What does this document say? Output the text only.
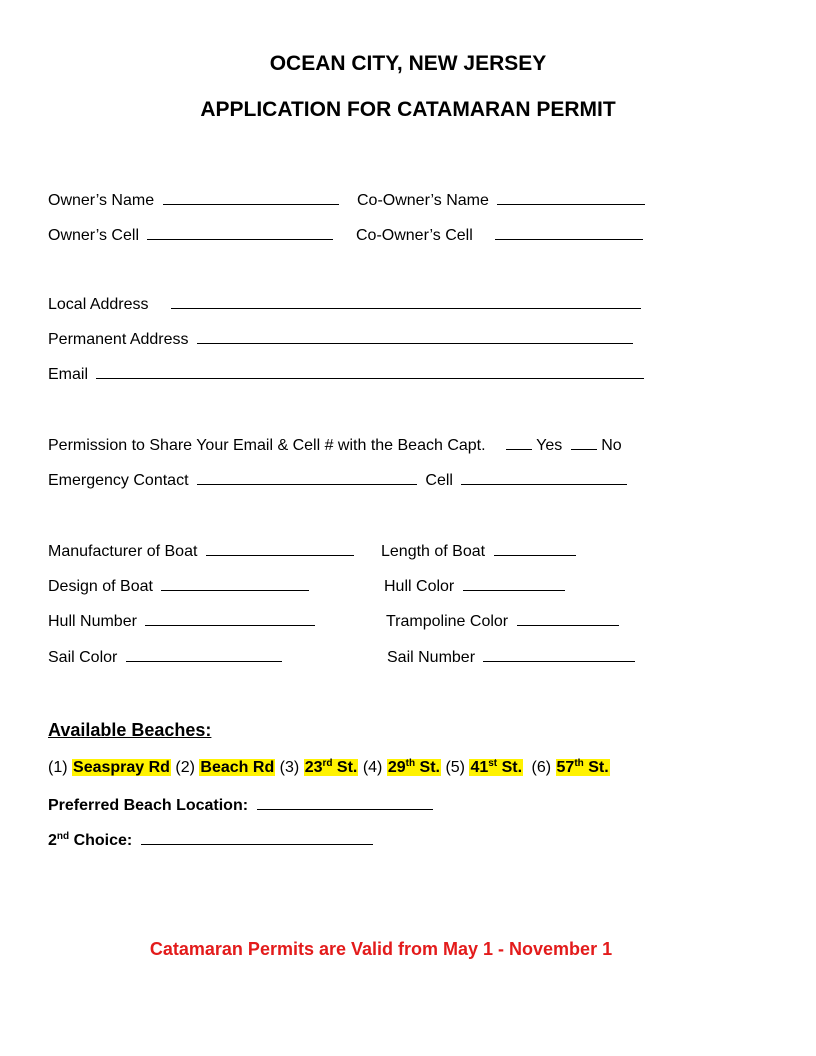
OCEAN CITY, NEW JERSEY
APPLICATION FOR CATAMARAN PERMIT
Owner’s Name	Co-Owner’s Name
Owner’s Cell	Co-Owner’s Cell
Local Address
Permanent Address
Email
Permission to Share Your Email & Cell # with the Beach Capt.	Yes No
Emergency Contact	Cell
Manufacturer of Boat	Length of Boat
Design of Boat	Hull Color
Hull Number	Trampoline Color
Sail Color	Sail Number
Available Beaches:
(1) Seaspray Rd (2) Beach Rd (3) 23rd St. (4) 29th St. (5) 41st St. (6) 57th St.
Preferred Beach Location:
2nd Choice:
Catamaran Permits are Valid from May 1 - November 1
